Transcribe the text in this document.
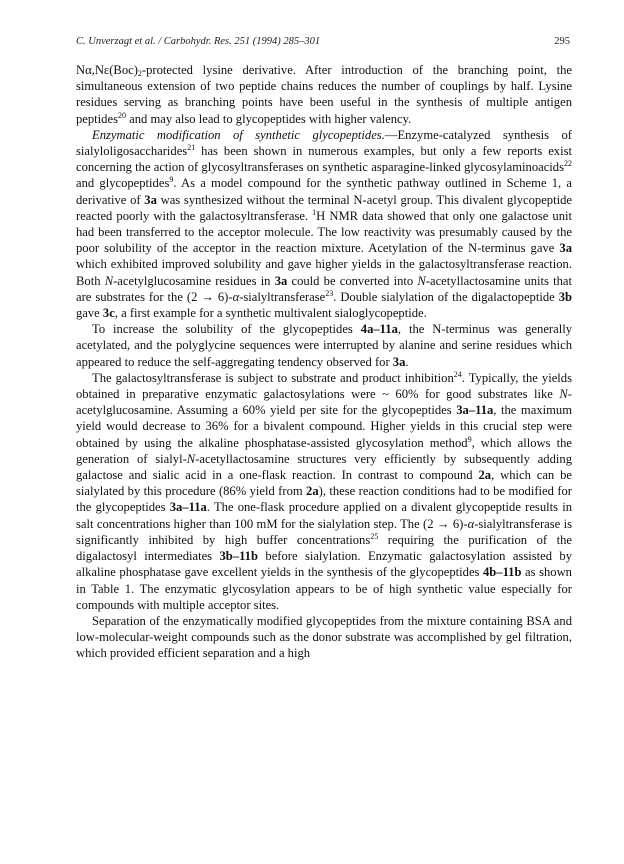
C. Unverzagt et al. / Carbohydr. Res. 251 (1994) 285–301	295

$N\alpha,N\varepsilon(Boc)_2$-protected lysine derivative. After introduction of the branching point, the simultaneous extension of two peptide chains reduces the number of couplings by half. Lysine residues serving as branching points have been useful in the synthesis of multiple antigen peptides$^{20}$ and may also lead to glycopeptides with higher valency.

Enzymatic modification of synthetic glycopeptides.—Enzyme-catalyzed synthesis of sialyloligosaccharides$^{21}$ has been shown in numerous examples, but only a few reports exist concerning the action of glycosyltransferases on synthetic asparagine-linked glycosylaminoacids$^{22}$ and glycopeptides$^9$. As a model compound for the synthetic pathway outlined in Scheme 1, a derivative of 3a was synthesized without the terminal N-acetyl group. This divalent glycopeptide reacted poorly with the galactosyltransferase. $^1$H NMR data showed that only one galactose unit had been transferred to the acceptor molecule. The low reactivity was presumably caused by the poor solubility of the acceptor in the reaction mixture. Acetylation of the N-terminus gave 3a which exhibited improved solubility and gave higher yields in the galactosyltransferase reaction. Both N-acetylglucosamine residues in 3a could be converted into N-acetyllactosamine units that are substrates for the (2 → 6)-α-sialyltransferase$^{23}$. Double sialylation of the digalactopeptide 3b gave 3c, a first example for a synthetic multivalent sialoglycopeptide.

To increase the solubility of the glycopeptides 4a–11a, the N-terminus was generally acetylated, and the polyglycine sequences were interrupted by alanine and serine residues which appeared to reduce the self-aggregating tendency observed for 3a.

The galactosyltransferase is subject to substrate and product inhibition$^{24}$. Typically, the yields obtained in preparative enzymatic galactosylations were ~ 60% for good substrates like N-acetylglucosamine. Assuming a 60% yield per site for the glycopeptides 3a–11a, the maximum yield would decrease to 36% for a bivalent compound. Higher yields in this crucial step were obtained by using the alkaline phosphatase-assisted glycosylation method$^9$, which allows the generation of sialyl-N-acetyllactosamine structures very efficiently by subsequently adding galactose and sialic acid in a one-flask reaction. In contrast to compound 2a, which can be sialylated by this procedure (86% yield from 2a), these reaction conditions had to be modified for the glycopeptides 3a–11a. The one-flask procedure applied on a divalent glycopeptide results in salt concentrations higher than 100 mM for the sialylation step. The (2 → 6)-α-sialyltransferase is significantly inhibited by high buffer concentrations$^{25}$ requiring the purification of the digalactosyl intermediates 3b–11b before sialylation. Enzymatic galactosylation assisted by alkaline phosphatase gave excellent yields in the synthesis of the glycopeptides 4b–11b as shown in Table 1. The enzymatic glycosylation appears to be of high synthetic value especially for compounds with multiple acceptor sites.

Separation of the enzymatically modified glycopeptides from the mixture containing BSA and low-molecular-weight compounds such as the donor substrate was accomplished by gel filtration, which provided efficient separation and a high
